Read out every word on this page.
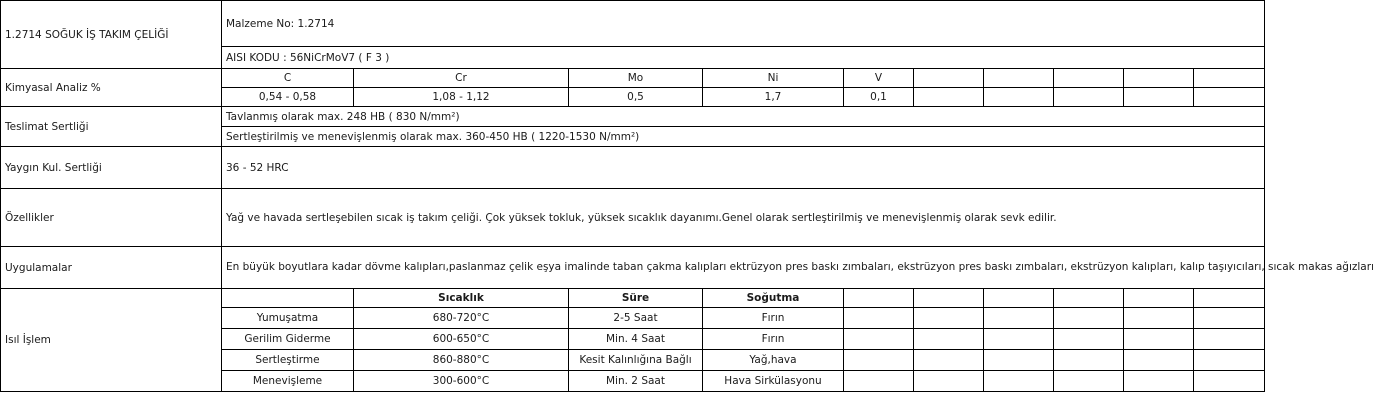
1.2714 SOĞUK İŞ TAKIM ÇELİĞİ	Malzeme No: 1.2714										
	AISI KODU : 56NiCrMoV7 ( F 3 )										
Kimyasal Analiz %	C	Cr	Mo	Ni	V						
	0,54 - 0,58	1,08 - 1,12	0,5	1,7	0,1						
Teslimat Sertliği	Tavlanmış olarak max. 248 HB ( 830 N/mm²)										
	Sertleştirilmiş ve menevişlenmiş olarak max. 360-450 HB ( 1220-1530 N/mm²)										
Yaygın Kul. Sertliği	36 - 52 HRC										
Özellikler	Yağ ve havada sertleşebilen sıcak iş takım çeliği. Çok yüksek tokluk, yüksek sıcaklık dayanımı.Genel olarak sertleştirilmiş ve menevişlenmiş olarak sevk edilir.										
Uygulamalar	En büyük boyutlara kadar dövme kalıpları,paslanmaz çelik eşya imalinde taban çakma kalıpları ektrüzyon pres baskı zımbaları, ekstrüzyon pres baskı zımbaları, ekstrüzyon kalıpları, kalıp taşıyıcıları, sıcak makas ağızları										
Isıl İşlem		Sıcaklık	Süre	Soğutma							
	Yumuşatma	680-720°C	2-5 Saat	Fırın							
	Gerilim Giderme	600-650°C	Min. 4 Saat	Fırın							
	Sertleştirme	860-880°C	Kesit Kalınlığına Bağlı	Yağ,hava							
	Menevişleme	300-600°C	Min. 2 Saat	Hava Sirkülasyonu							
